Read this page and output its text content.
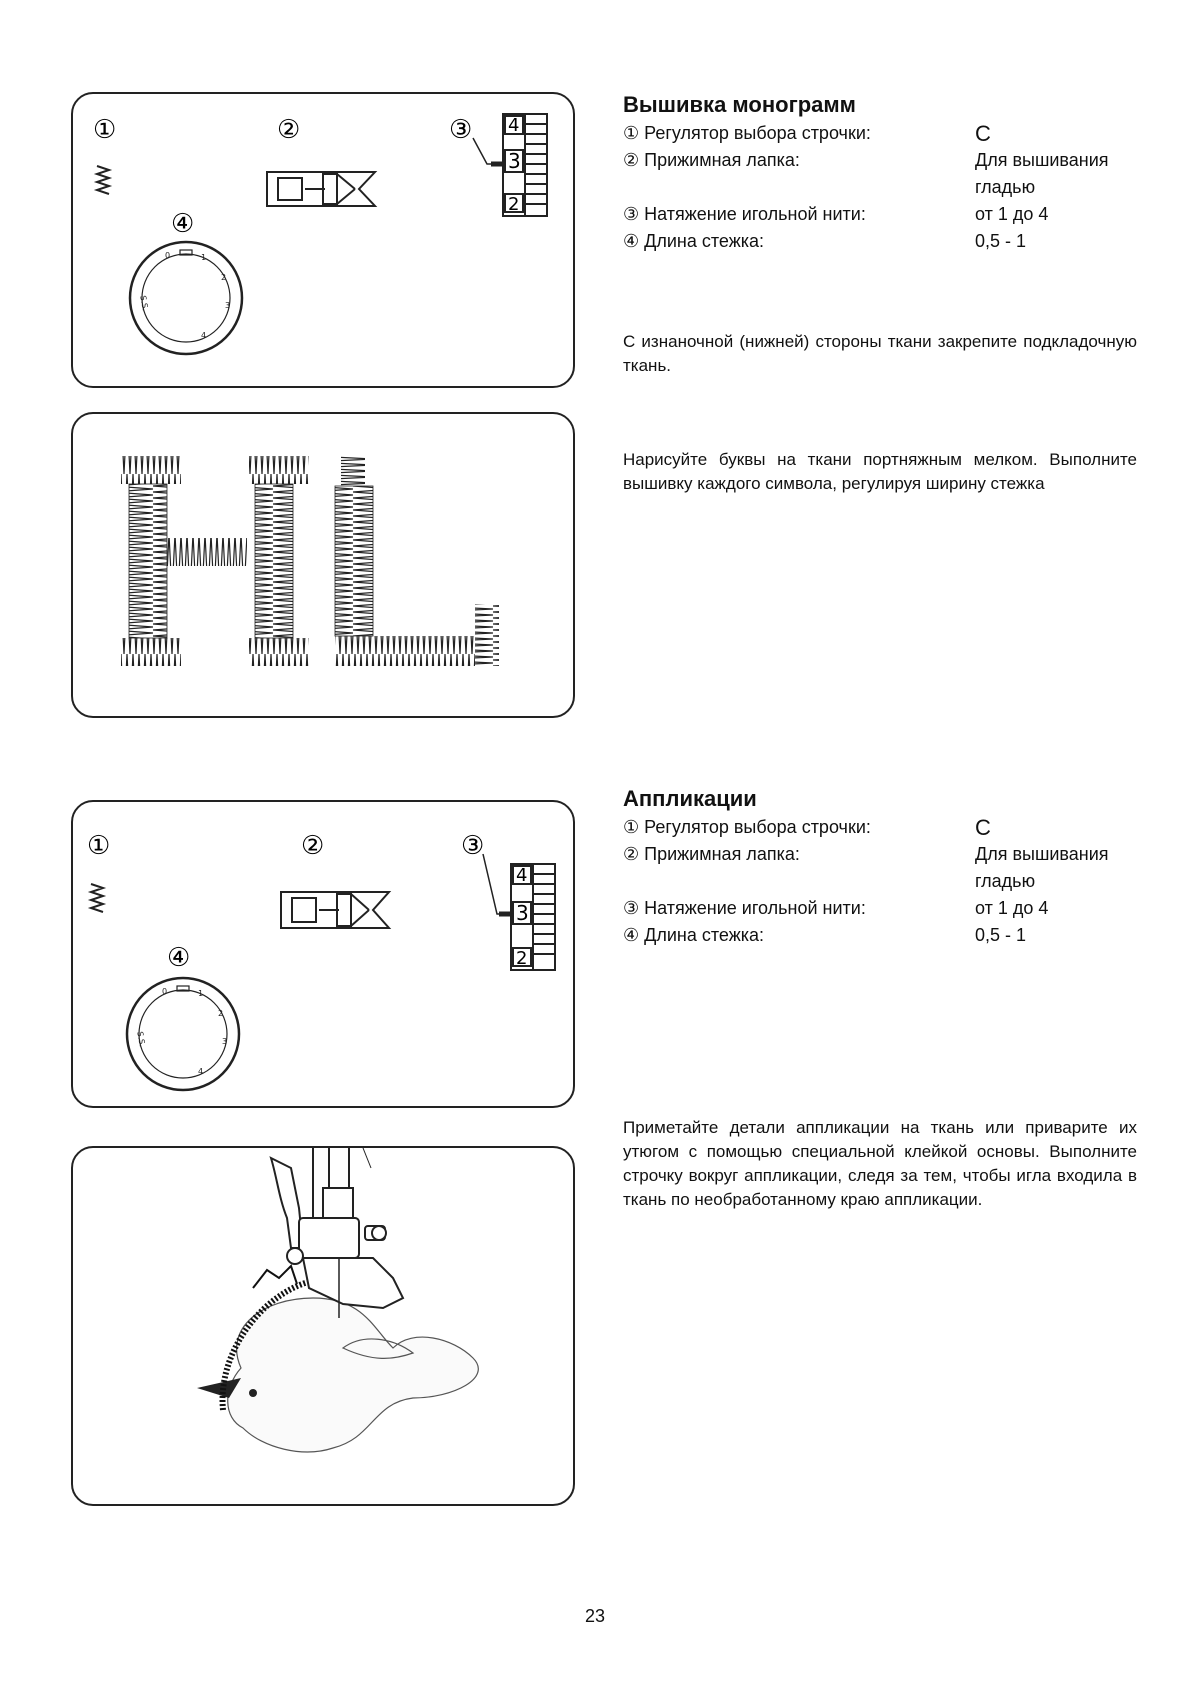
①	②	③
④
4
3
2
0	1
2
3
4
S.S.
Вышивка монограмм
① Регулятор выбора строчки:	C
② Прижимная лапка:	Для вышивания гладью
③ Натяжение игольной нити:	от 1 до 4
④ Длина стежка:	0,5 - 1
С изнаночной (нижней) стороны ткани закрепите подкладочную ткань.
Нарисуйте буквы на ткани портняжным мелком. Выполните вышивку каждого символа, регулируя ширину стежка
①	②	③
④
4
3
2
0	1
2
3
4
S.S.
Аппликации
① Регулятор выбора строчки:	C
② Прижимная лапка:	Для вышивания гладью
③ Натяжение игольной нити:	от 1 до 4
④ Длина стежка:	0,5 - 1
Приметайте детали аппликации на ткань или приварите их утюгом с помощью специальной клейкой основы. Выполните строчку вокруг аппликации, следя за тем, чтобы игла входила в ткань по необработанному краю аппликации.
23
